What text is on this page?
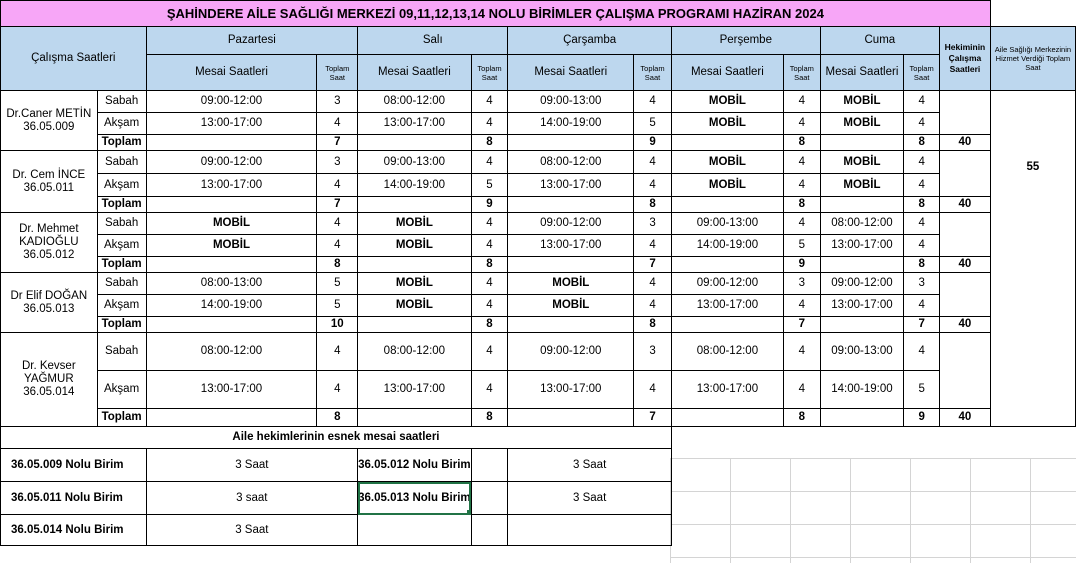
ŞAHİNDERE AİLE SAĞLIĞI MERKEZİ 09,11,12,13,14 NOLU BİRİMLER ÇALIŞMA PROGRAMI HAZİRAN 2024													
Çalışma Saatleri		Pazartesi		Salı		Çarşamba		Perşembe		Cuma		Hekiminin Çalışma Saatleri	Aile Sağlığı Merkezinin Hizmet Verdiği Toplam Saat
		Mesai Saatleri	Toplam Saat	Mesai Saatleri	Toplam Saat	Mesai Saatleri	Toplam Saat	Mesai Saatleri	Toplam Saat	Mesai Saatleri	Toplam Saat		
Dr.Caner METİN 36.05.009	Sabah	09:00-12:00	3	08:00-12:00	4	09:00-13:00	4	MOBİL	4	MOBİL	4		55
	Akşam	13:00-17:00	4	13:00-17:00	4	14:00-19:00	5	MOBİL	4	MOBİL	4		
	Toplam		7		8		9		8		8	40	
Dr. Cem İNCE 36.05.011	Sabah	09:00-12:00	3	09:00-13:00	4	08:00-12:00	4	MOBİL	4	MOBİL	4		
	Akşam	13:00-17:00	4	14:00-19:00	5	13:00-17:00	4	MOBİL	4	MOBİL	4		
	Toplam		7		9		8		8		8	40	
Dr. Mehmet KADIOĞLU 36.05.012	Sabah	MOBİL	4	MOBİL	4	09:00-12:00	3	09:00-13:00	4	08:00-12:00	4		
	Akşam	MOBİL	4	MOBİL	4	13:00-17:00	4	14:00-19:00	5	13:00-17:00	4		
	Toplam		8		8		7		9		8	40	
Dr Elif DOĞAN 36.05.013	Sabah	08:00-13:00	5	MOBİL	4	MOBİL	4	09:00-12:00	3	09:00-12:00	3		
	Akşam	14:00-19:00	5	MOBİL	4	MOBİL	4	13:00-17:00	4	13:00-17:00	4		
	Toplam		10		8		8		7		7	40	
Dr. Kevser YAĞMUR 36.05.014	Sabah	08:00-12:00	4	08:00-12:00	4	09:00-12:00	3	08:00-12:00	4	09:00-13:00	4		
	Akşam	13:00-17:00	4	13:00-17:00	4	13:00-17:00	4	13:00-17:00	4	14:00-19:00	5		
	Toplam		8		8		7		8		9	40	
Aile hekimlerinin esnek mesai saatleri													
36.05.009 Nolu Birim		3 Saat		36.05.012 Nolu Birim		3 Saat							
36.05.011 Nolu Birim		3 saat		36.05.013 Nolu Birim		3 Saat							
36.05.014 Nolu Birim		3 Saat											
